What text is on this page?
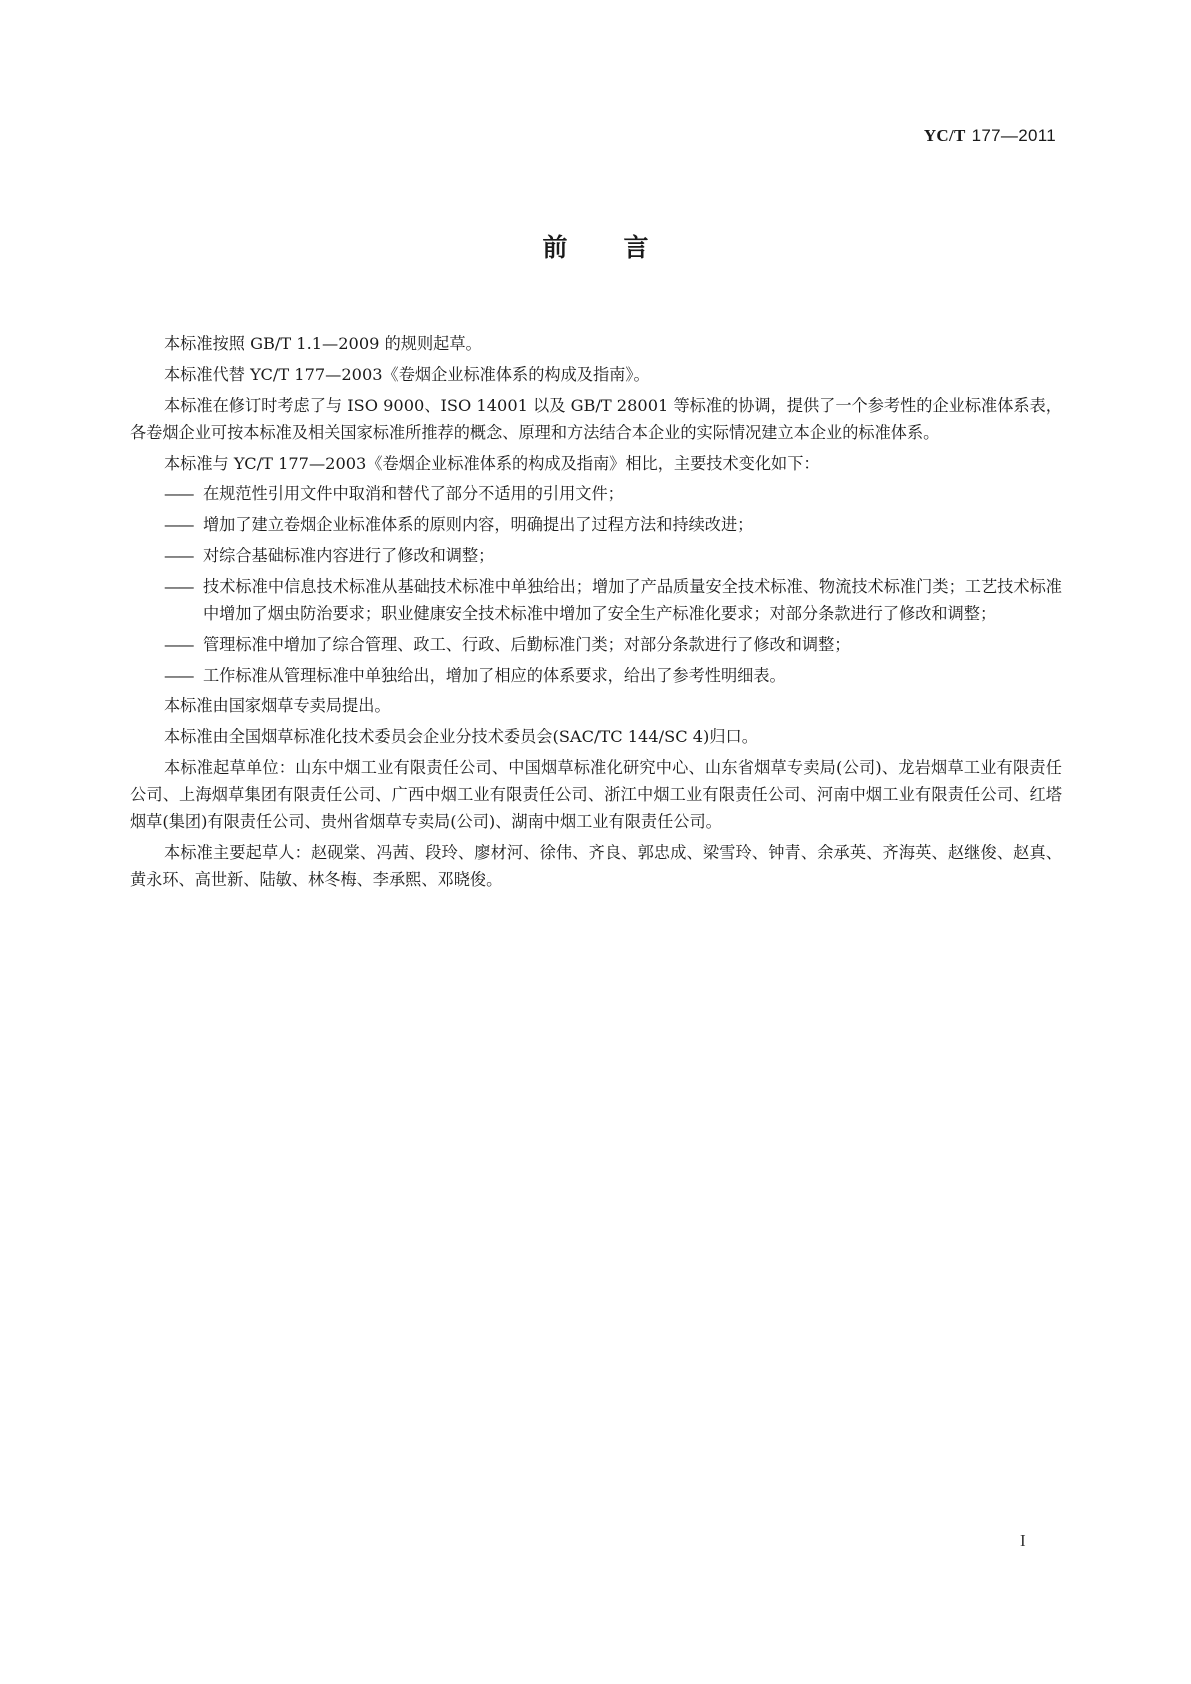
YC/T 177—2011
前言

本标准按照 GB/T 1.1—2009 的规则起草。

本标准代替 YC/T 177—2003《卷烟企业标准体系的构成及指南》。

本标准在修订时考虑了与 ISO 9000、ISO 14001 以及 GB/T 28001 等标准的协调，提供了一个参考性的企业标准体系表，各卷烟企业可按本标准及相关国家标准所推荐的概念、原理和方法结合本企业的实际情况建立本企业的标准体系。

本标准与 YC/T 177—2003《卷烟企业标准体系的构成及指南》相比，主要技术变化如下：

—— 在规范性引用文件中取消和替代了部分不适用的引用文件；

—— 增加了建立卷烟企业标准体系的原则内容，明确提出了过程方法和持续改进；

—— 对综合基础标准内容进行了修改和调整；

—— 技术标准中信息技术标准从基础技术标准中单独给出；增加了产品质量安全技术标准、物流技术标准门类；工艺技术标准中增加了烟虫防治要求；职业健康安全技术标准中增加了安全生产标准化要求；对部分条款进行了修改和调整；

—— 管理标准中增加了综合管理、政工、行政、后勤标准门类；对部分条款进行了修改和调整；

—— 工作标准从管理标准中单独给出，增加了相应的体系要求，给出了参考性明细表。

本标准由国家烟草专卖局提出。

本标准由全国烟草标准化技术委员会企业分技术委员会(SAC/TC 144/SC 4)归口。

本标准起草单位：山东中烟工业有限责任公司、中国烟草标准化研究中心、山东省烟草专卖局(公司)、龙岩烟草工业有限责任公司、上海烟草集团有限责任公司、广西中烟工业有限责任公司、浙江中烟工业有限责任公司、河南中烟工业有限责任公司、红塔烟草(集团)有限责任公司、贵州省烟草专卖局(公司)、湖南中烟工业有限责任公司。

本标准主要起草人：赵砚棠、冯茜、段玲、廖材河、徐伟、齐良、郭忠成、梁雪玲、钟青、余承英、齐海英、赵继俊、赵真、黄永环、高世新、陆敏、林冬梅、李承熙、邓晓俊。

I
